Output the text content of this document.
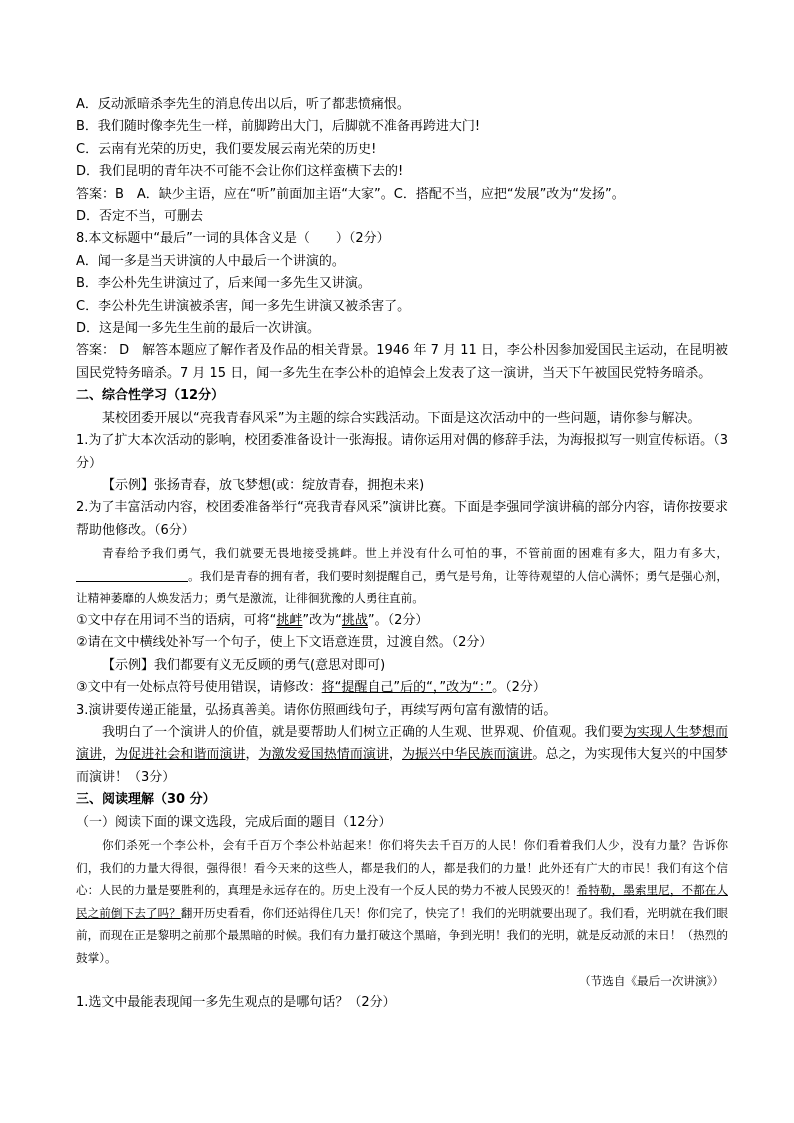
A．反动派暗杀李先生的消息传出以后，听了都悲愤痛恨。

B．我们随时像李先生一样，前脚跨出大门，后脚就不准备再跨进大门!

C．云南有光荣的历史，我们要发展云南光荣的历史!

D．我们昆明的青年决不可能不会让你们这样蛮横下去的!

答案：B　A．缺少主语，应在“听”前面加主语“大家”。C．搭配不当，应把“发展”改为“发扬”。

D．否定不当，可删去

8.本文标题中“最后”一词的具体含义是（　　）（2分）

A．闻一多是当天讲演的人中最后一个讲演的。

B．李公朴先生讲演过了，后来闻一多先生又讲演。

C．李公朴先生讲演被杀害，闻一多先生讲演又被杀害了。

D．这是闻一多先生生前的最后一次讲演。

答案： D　解答本题应了解作者及作品的相关背景。1946 年 7 月 11 日，李公朴因参加爱国民主运动，在昆明被国民党特务暗杀。7 月 15 日，闻一多先生在李公朴的追悼会上发表了这一演讲，当天下午被国民党特务暗杀。

二、综合性学习（12分）

某校团委开展以“亮我青春风采”为主题的综合实践活动。下面是这次活动中的一些问题，请你参与解决。

1.为了扩大本次活动的影响，校团委准备设计一张海报。请你运用对偶的修辞手法，为海报拟写一则宣传标语。（3分）

【示例】张扬青春，放飞梦想(或：绽放青春，拥抱未来)

2.为了丰富活动内容，校团委准备举行“亮我青春风采”演讲比赛。下面是李强同学演讲稿的部分内容，请你按要求帮助他修改。（6分）

青春给予我们勇气，我们就要无畏地接受挑衅。世上并没有什么可怕的事，不管前面的困难有多大，阻力有多大，。我们是青春的拥有者，我们要时刻提醒自己，勇气是号角，让等待观望的人信心满怀；勇气是强心剂，让精神萎靡的人焕发活力；勇气是激流，让徘徊犹豫的人勇往直前。

①文中存在用词不当的语病，可将“挑衅”改为“挑战”。（2分）

②请在文中横线处补写一个句子，使上下文语意连贯，过渡自然。（2分）

【示例】我们都要有义无反顾的勇气(意思对即可)

③文中有一处标点符号使用错误，请修改：将“提醒自己”后的“，”改为“：”。（2分）

3.演讲要传递正能量，弘扬真善美。请你仿照画线句子，再续写两句富有激情的话。

我明白了一个演讲人的价值，就是要帮助人们树立正确的人生观、世界观、价值观。我们要为实现人生梦想而演讲，为促进社会和谐而演讲，为激发爱国热情而演讲，为振兴中华民族而演讲。总之，为实现伟大复兴的中国梦而演讲！（3分）

三、阅读理解（30 分）

（一）阅读下面的课文选段，完成后面的题目（12分）

你们杀死一个李公朴，会有千百万个李公朴站起来！你们将失去千百万的人民！你们看着我们人少，没有力量？告诉你们，我们的力量大得很，强得很！看今天来的这些人，都是我们的人，都是我们的力量！此外还有广大的市民！我们有这个信心：人民的力量是要胜利的，真理是永远存在的。历史上没有一个反人民的势力不被人民毁灭的！希特勒，墨索里尼，不都在人民之前倒下去了吗？翻开历史看看，你们还站得住几天！你们完了，快完了！我们的光明就要出现了。我们看，光明就在我们眼前，而现在正是黎明之前那个最黑暗的时候。我们有力量打破这个黑暗，争到光明！我们的光明，就是反动派的末日！（热烈的鼓掌）。

（节选自《最后一次讲演》）

1.选文中最能表现闻一多先生观点的是哪句话？（2分）
